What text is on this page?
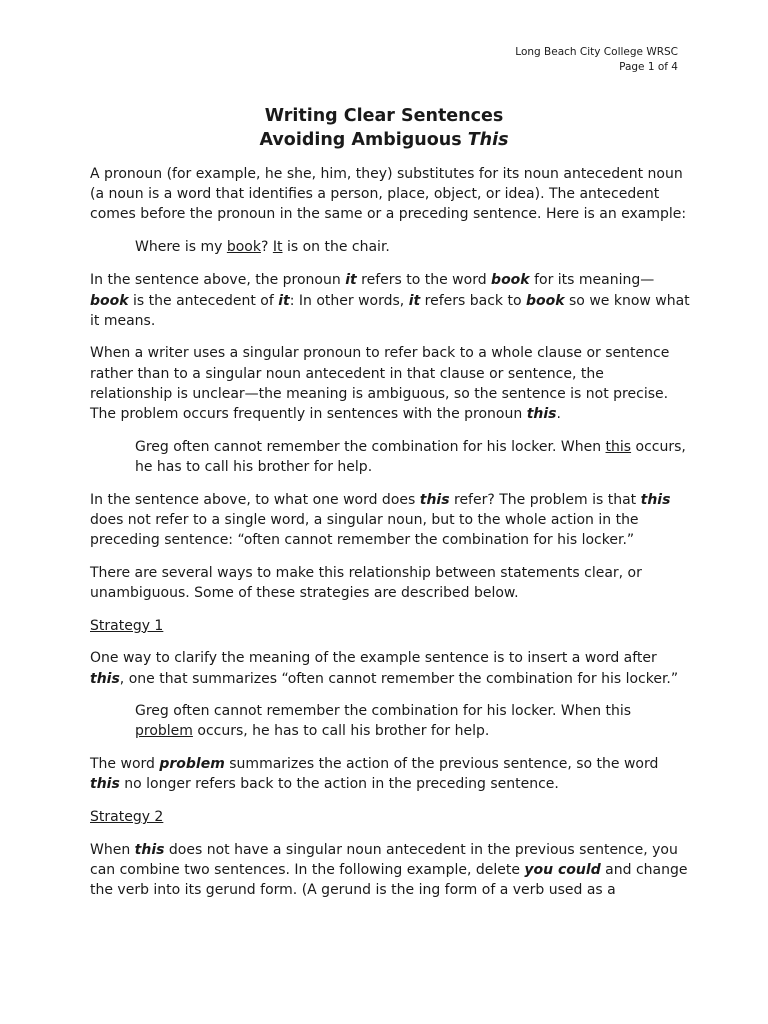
Long Beach City College WRSC
Page 1 of 4
Writing Clear Sentences
Avoiding Ambiguous This

A pronoun (for example, he she, him, they) substitutes for its noun antecedent noun (a noun is a word that identifies a person, place, object, or idea). The antecedent comes before the pronoun in the same or a preceding sentence. Here is an example:

Where is my book? It is on the chair.

In the sentence above, the pronoun it refers to the word book for its meaning—book is the antecedent of it: In other words, it refers back to book so we know what it means.

When a writer uses a singular pronoun to refer back to a whole clause or sentence rather than to a singular noun antecedent in that clause or sentence, the relationship is unclear—the meaning is ambiguous, so the sentence is not precise. The problem occurs frequently in sentences with the pronoun this.

Greg often cannot remember the combination for his locker. When this occurs, he has to call his brother for help.

In the sentence above, to what one word does this refer? The problem is that this does not refer to a single word, a singular noun, but to the whole action in the preceding sentence: “often cannot remember the combination for his locker.”

There are several ways to make this relationship between statements clear, or unambiguous. Some of these strategies are described below.

Strategy 1

One way to clarify the meaning of the example sentence is to insert a word after this, one that summarizes “often cannot remember the combination for his locker.”

Greg often cannot remember the combination for his locker. When this problem occurs, he has to call his brother for help.

The word problem summarizes the action of the previous sentence, so the word this no longer refers back to the action in the preceding sentence.

Strategy 2

When this does not have a singular noun antecedent in the previous sentence, you can combine two sentences. In the following example, delete you could and change the verb into its gerund form. (A gerund is the ing form of a verb used as a
